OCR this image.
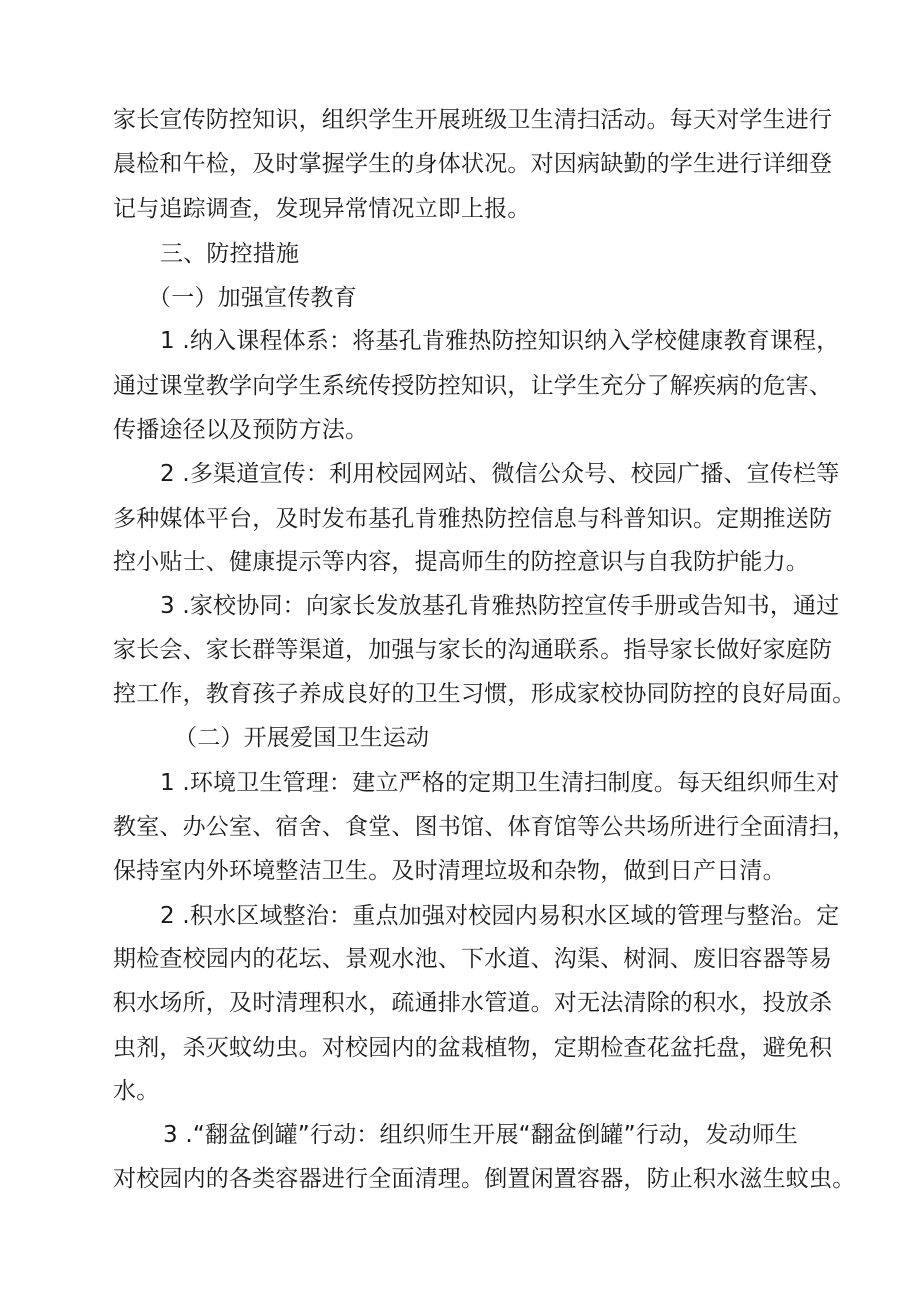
家长宣传防控知识，组织学生开展班级卫生清扫活动。每天对学生进行
晨检和午检，及时掌握学生的身体状况。对因病缺勤的学生进行详细登
记与追踪调查，发现异常情况立即上报。
三、防控措施
（一）加强宣传教育
1 .纳入课程体系：将基孔肯雅热防控知识纳入学校健康教育课程，
通过课堂教学向学生系统传授防控知识，让学生充分了解疾病的危害、
传播途径以及预防方法。
2 .多渠道宣传：利用校园网站、微信公众号、校园广播、宣传栏等
多种媒体平台，及时发布基孔肯雅热防控信息与科普知识。定期推送防
控小贴士、健康提示等内容，提高师生的防控意识与自我防护能力。
3 .家校协同：向家长发放基孔肯雅热防控宣传手册或告知书，通过
家长会、家长群等渠道，加强与家长的沟通联系。指导家长做好家庭防
控工作，教育孩子养成良好的卫生习惯，形成家校协同防控的良好局面。
（二）开展爱国卫生运动
1 .环境卫生管理：建立严格的定期卫生清扫制度。每天组织师生对
教室、办公室、宿舍、食堂、图书馆、体育馆等公共场所进行全面清扫，
保持室内外环境整洁卫生。及时清理垃圾和杂物，做到日产日清。
2 .积水区域整治：重点加强对校园内易积水区域的管理与整治。定
期检查校园内的花坛、景观水池、下水道、沟渠、树洞、废旧容器等易
积水场所，及时清理积水，疏通排水管道。对无法清除的积水，投放杀
虫剂，杀灭蚊幼虫。对校园内的盆栽植物，定期检查花盆托盘，避免积
水。
3 .“翻盆倒罐”行动：组织师生开展“翻盆倒罐”行动，发动师生
对校园内的各类容器进行全面清理。倒置闲置容器，防止积水滋生蚊虫。
